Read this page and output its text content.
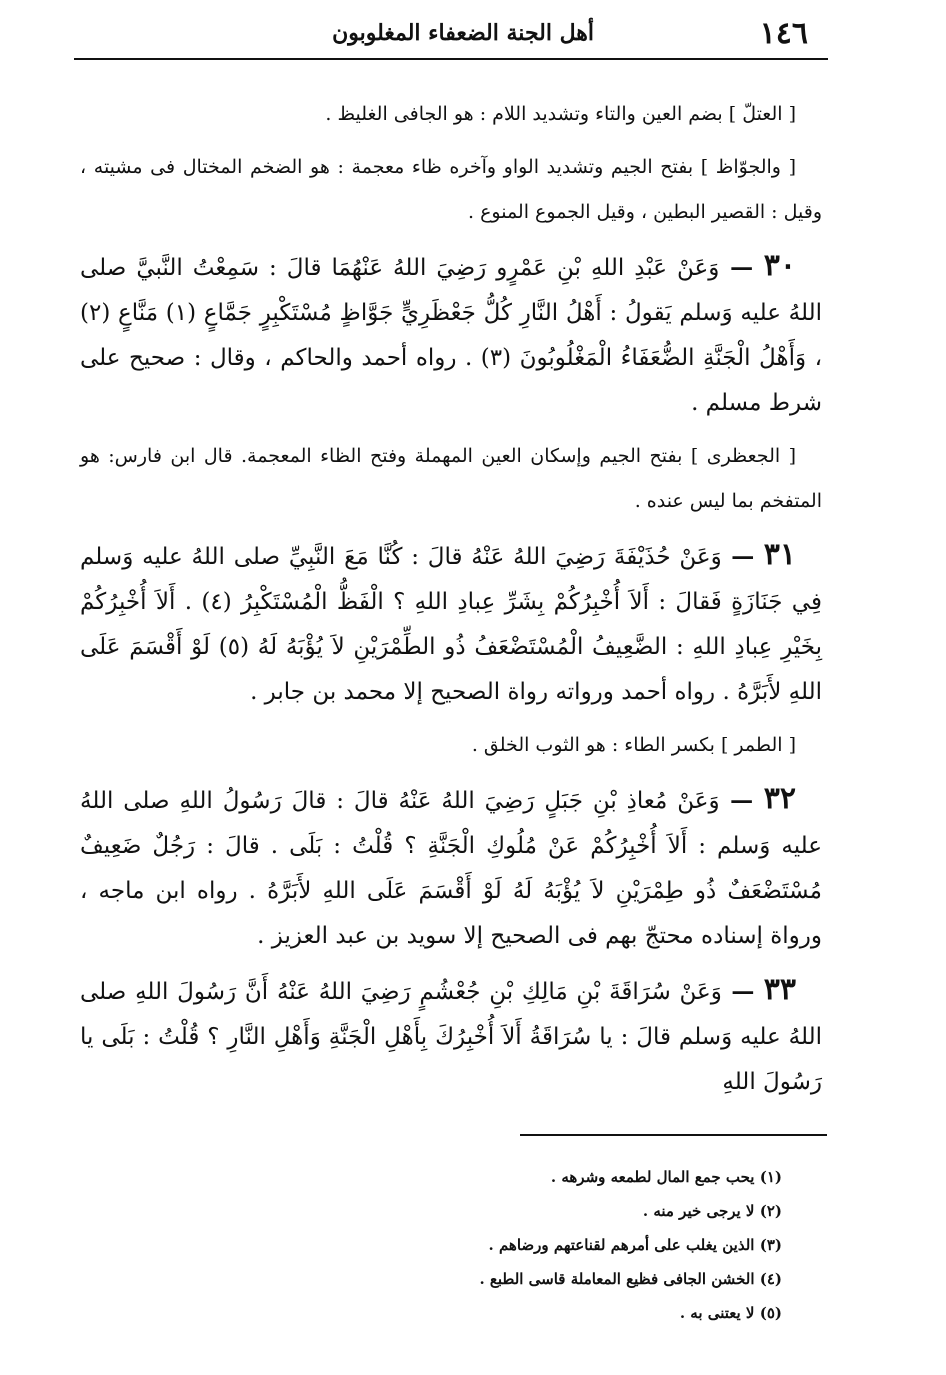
١٤٦
أهل الجنة الضعفاء المغلوبون

[ العتلّ ] بضم العين والتاء وتشديد اللام : هو الجافى الغليظ .

[ والجوّاظ ] بفتح الجيم وتشديد الواو وآخره ظاء معجمة : هو الضخم المختال فى مشيته ، وقيل : القصير البطين ، وقيل الجموع المنوع .

٣٠ — وَعَنْ عَبْدِ اللهِ بْنِ عَمْرٍو رَضِيَ اللهُ عَنْهُمَا قالَ : سَمِعْتُ النَّبيَّ صلى اللهُ عليه وَسلم يَقولُ : أَهْلُ النَّارِ كُلُّ جَعْظَرِيٍّ جَوَّاظٍ مُسْتَكْبِرٍ جَمَّاعٍ (١) مَنَّاعٍ (٢) ، وَأَهْلُ الْجَنَّةِ الضُّعَفَاءُ الْمَغْلُوبُونَ (٣) . رواه أحمد والحاكم ، وقال : صحيح على شرط مسلم .

[ الجعظرى ] بفتح الجيم وإسكان العين المهملة وفتح الظاء المعجمة. قال ابن فارس: هو المتفخم بما ليس عنده .

٣١ — وَعَنْ حُذَيْفَةَ رَضِيَ اللهُ عَنْهُ قالَ : كُنَّا مَعَ النَّبِيِّ صلى اللهُ عليه وَسلم فِي جَنَازَةٍ فَقالَ : أَلاَ أُخْبِرُكُمْ بِشَرِّ عِبادِ اللهِ ؟ الْفَظُّ الْمُسْتَكْبِرُ (٤) . أَلاَ أُخْبِرُكُمْ بِخَيْرِ عِبادِ اللهِ : الضَّعِيفُ الْمُسْتَضْعَفُ ذُو الطِّمْرَيْنِ لاَ يُؤْبَهُ لَهُ (٥) لَوْ أَقْسَمَ عَلَى اللهِ لأَبَرَّهُ . رواه أحمد ورواته رواة الصحيح إلا محمد بن جابر .

[ الطمر ] بكسر الطاء : هو الثوب الخلق .

٣٢ — وَعَنْ مُعاذِ بْنِ جَبَلٍ رَضِيَ اللهُ عَنْهُ قالَ : قالَ رَسُولُ اللهِ صلى اللهُ عليه وَسلم : أَلاَ أُخْبِرُكُمْ عَنْ مُلُوكِ الْجَنَّةِ ؟ قُلْتُ : بَلَى . قالَ : رَجُلٌ ضَعِيفٌ مُسْتَضْعَفٌ ذُو طِمْرَيْنِ لاَ يُؤْبَهُ لَهُ لَوْ أَقْسَمَ عَلَى اللهِ لأَبَرَّهُ . رواه ابن ماجه ، ورواة إسناده محتجّ بهم فى الصحيح إلا سويد بن عبد العزيز .

٣٣ — وَعَنْ سُرَاقَةَ بْنِ مَالِكِ بْنِ جُعْشُمٍ رَضِيَ اللهُ عَنْهُ أَنَّ رَسُولَ اللهِ صلى اللهُ عليه وَسلم قالَ : يا سُرَاقَةُ أَلاَ أُخْبِرُكَ بِأَهْلِ الْجَنَّةِ وَأَهْلِ النَّارِ ؟ قُلْتُ : بَلَى يا رَسُولَ اللهِ

(١) يحب جمع المال لطمعه وشرهه .
(٢) لا يرجى خير منه .
(٣) الذين يغلب على أمرهم لقناعتهم ورضاهم .
(٤) الخشن الجافى فظيع المعاملة قاسى الطبع .
(٥) لا يعتنى به .
